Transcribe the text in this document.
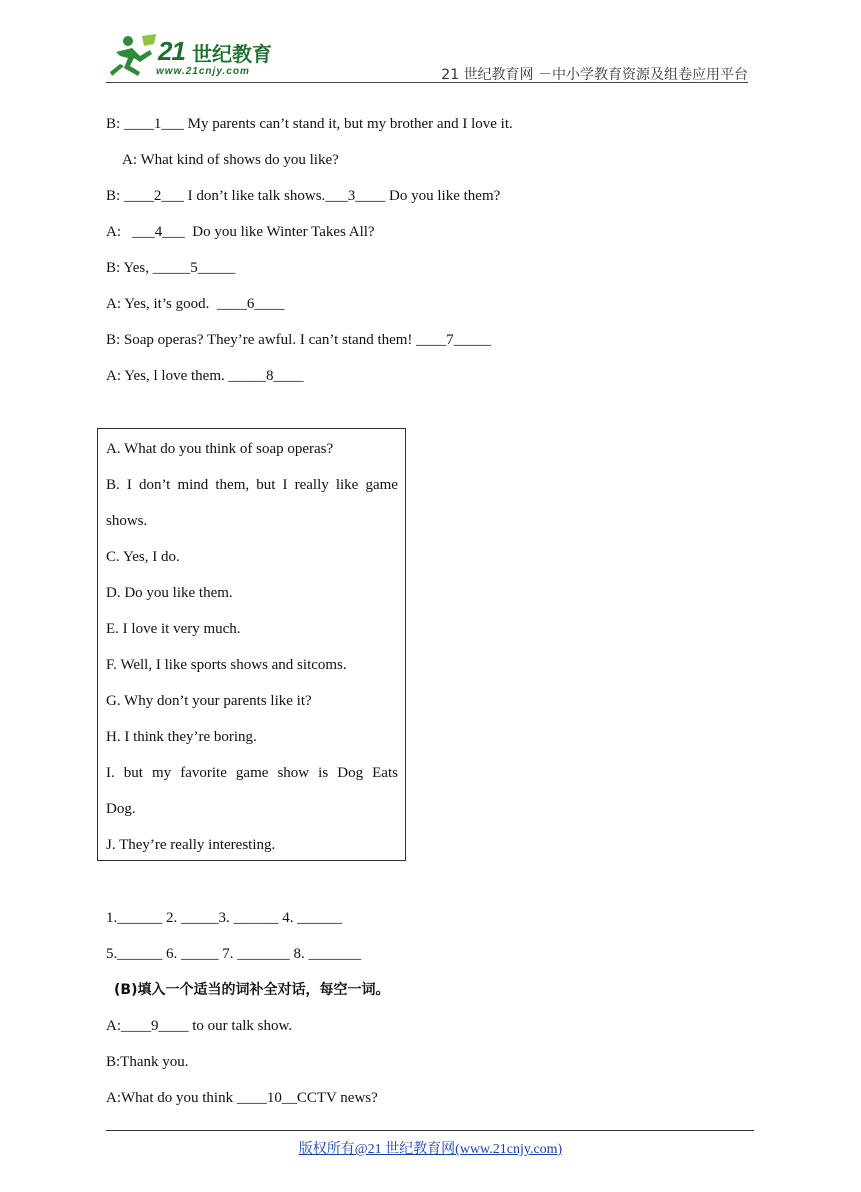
21 世纪教育
www.21cnjy.com	21 世纪教育网 －中小学教育资源及组卷应用平台
B: ____1___ My parents can’t stand it, but my brother and I love it.
A: What kind of shows do you like?
B: ____2___ I don’t like talk shows.___3____ Do you like them?
A:   ___4___  Do you like Winter Takes All?
B: Yes, _____5_____
A: Yes, it’s good.  ____6____
B: Soap operas? They’re awful. I can’t stand them! ____7_____
A: Yes, l love them. _____8____
A. What do you think of soap operas?
B. I don’t mind them, but I really like game
shows.
C. Yes, I do.
D. Do you like them.
E. I love it very much.
F. Well, I like sports shows and sitcoms.
G. Why don’t your parents like it?
H. I think they’re boring.
I. but my favorite game show is Dog Eats
Dog.
J. They’re really interesting.
1.______ 2. _____3. ______ 4. ______
5.______ 6. _____ 7. _______ 8. _______
(B)填入一个适当的词补全对话，每空一词。
A:____9____ to our talk show.
B:Thank you.
A:What do you think ____10__CCTV news?
版权所有@21 世纪教育网(www.21cnjy.com)
